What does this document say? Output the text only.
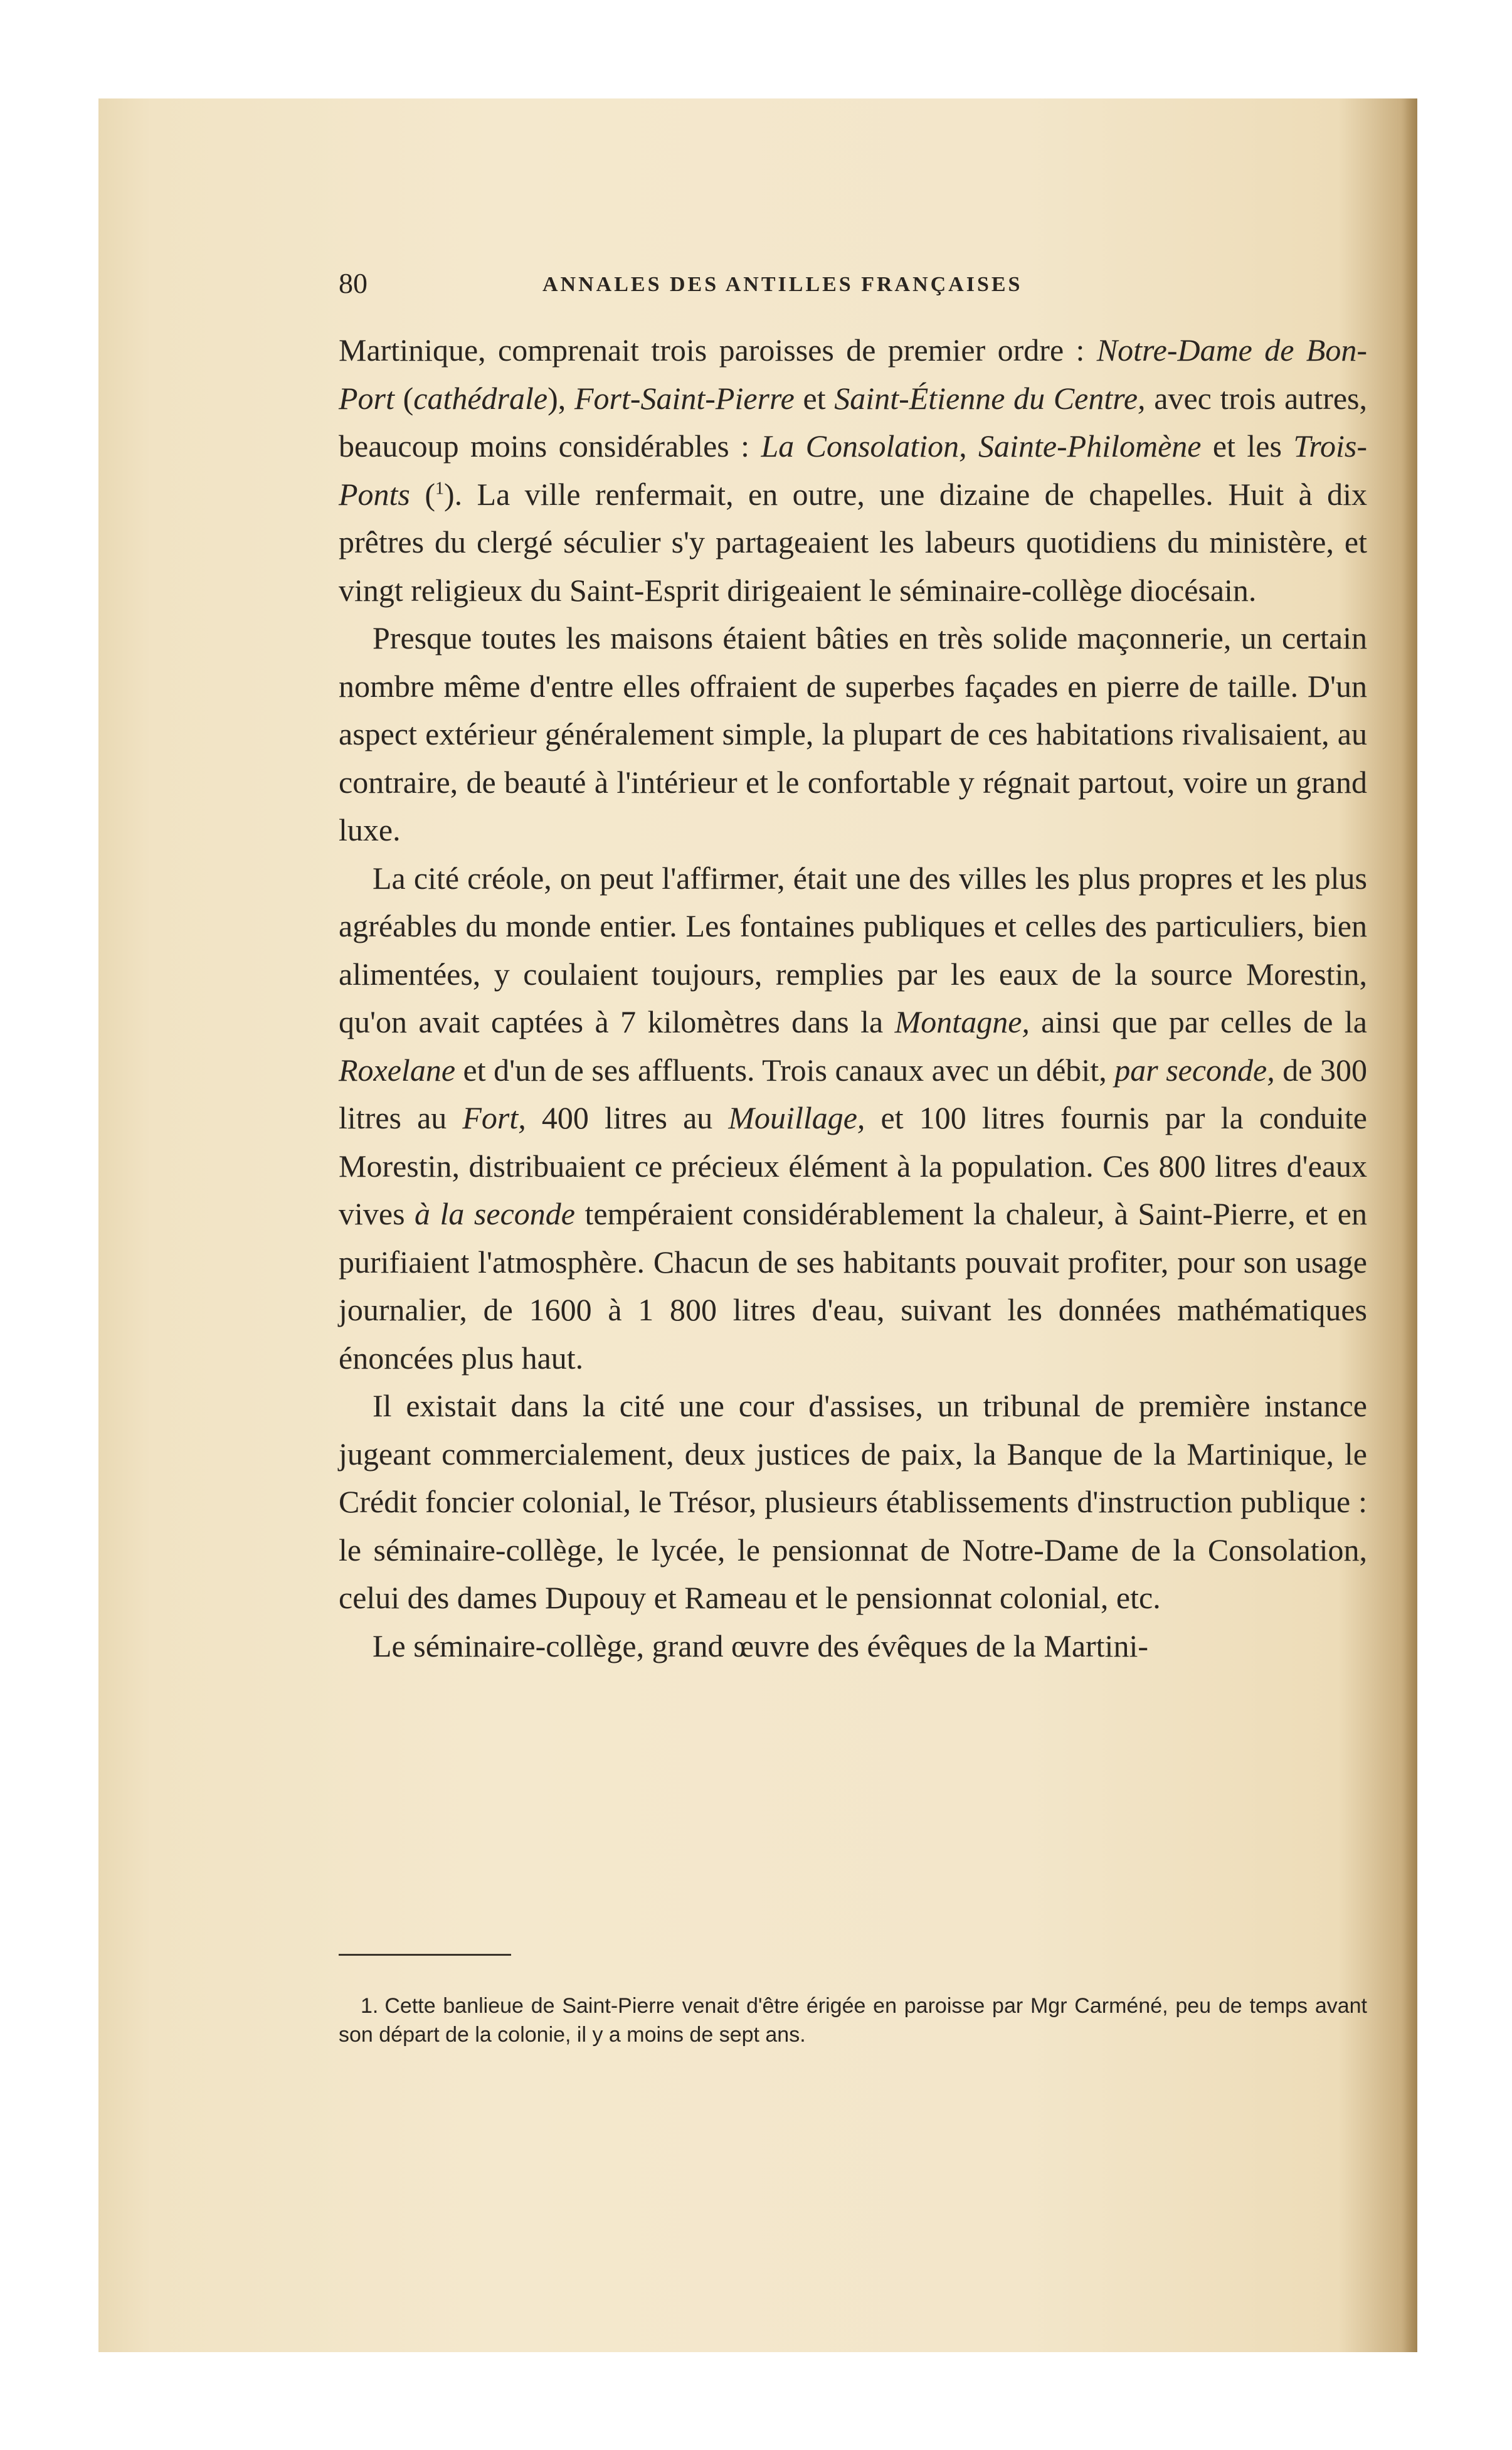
80	ANNALES DES ANTILLES FRANÇAISES

Martinique, comprenait trois paroisses de premier ordre : Notre-Dame de Bon-Port (cathédrale), Fort-Saint-Pierre et Saint-Étienne du Centre, avec trois autres, beaucoup moins considérables : La Consolation, Sainte-Philomène et les Trois-Ponts ($^1$). La ville renfermait, en outre, une dizaine de chapelles. Huit à dix prêtres du clergé séculier s'y partageaient les labeurs quotidiens du ministère, et vingt religieux du Saint-Esprit dirigeaient le séminaire-collège diocésain.

Presque toutes les maisons étaient bâties en très solide maçonnerie, un certain nombre même d'entre elles offraient de superbes façades en pierre de taille. D'un aspect extérieur généralement simple, la plupart de ces habitations rivalisaient, au contraire, de beauté à l'intérieur et le confortable y régnait partout, voire un grand luxe.

La cité créole, on peut l'affirmer, était une des villes les plus propres et les plus agréables du monde entier. Les fontaines publiques et celles des particuliers, bien alimentées, y coulaient toujours, remplies par les eaux de la source Morestin, qu'on avait captées à 7 kilomètres dans la Montagne, ainsi que par celles de la Roxelane et d'un de ses affluents. Trois canaux avec un débit, par seconde, de 300 litres au Fort, 400 litres au Mouillage, et 100 litres fournis par la conduite Morestin, distribuaient ce précieux élément à la population. Ces 800 litres d'eaux vives à la seconde tempéraient considérablement la chaleur, à Saint-Pierre, et en purifiaient l'atmosphère. Chacun de ses habitants pouvait profiter, pour son usage journalier, de 1600 à 1 800 litres d'eau, suivant les données mathématiques énoncées plus haut.

Il existait dans la cité une cour d'assises, un tribunal de première instance jugeant commercialement, deux justices de paix, la Banque de la Martinique, le Crédit foncier colonial, le Trésor, plusieurs établissements d'instruction publique : le séminaire-collège, le lycée, le pensionnat de Notre-Dame de la Consolation, celui des dames Dupouy et Rameau et le pensionnat colonial, etc.

Le séminaire-collège, grand œuvre des évêques de la Martini-

1. Cette banlieue de Saint-Pierre venait d'être érigée en paroisse par Mgr Carméné, peu de temps avant son départ de la colonie, il y a moins de sept ans.
